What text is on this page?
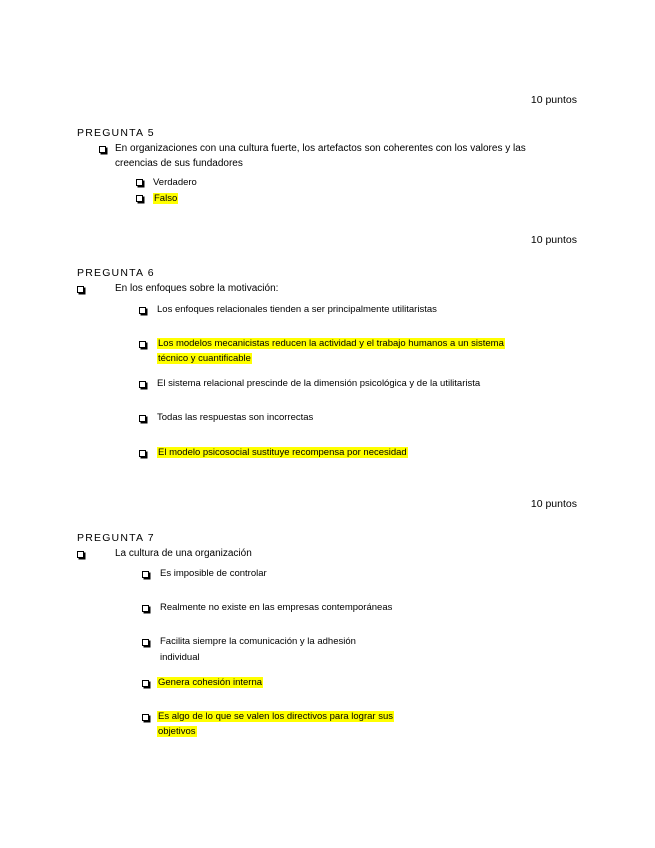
10 puntos
PREGUNTA 5
En organizaciones con una cultura fuerte, los artefactos son coherentes con los valores y las
creencias de sus fundadores
Verdadero
Falso
10 puntos
PREGUNTA 6
En los enfoques sobre la motivación:
Los enfoques relacionales tienden a ser principalmente utilitaristas
Los modelos mecanicistas reducen la actividad y el trabajo humanos a un sistema
técnico y cuantificable
El sistema relacional prescinde de la dimensión psicológica y de la utilitarista
Todas las respuestas son incorrectas
El modelo psicosocial sustituye recompensa por necesidad
10 puntos
PREGUNTA 7
La cultura de una organización
Es imposible de controlar
Realmente no existe en las empresas contemporáneas
Facilita siempre la comunicación y la adhesión
individual
Genera cohesión interna
Es algo de lo que se valen los directivos para lograr sus
objetivos
